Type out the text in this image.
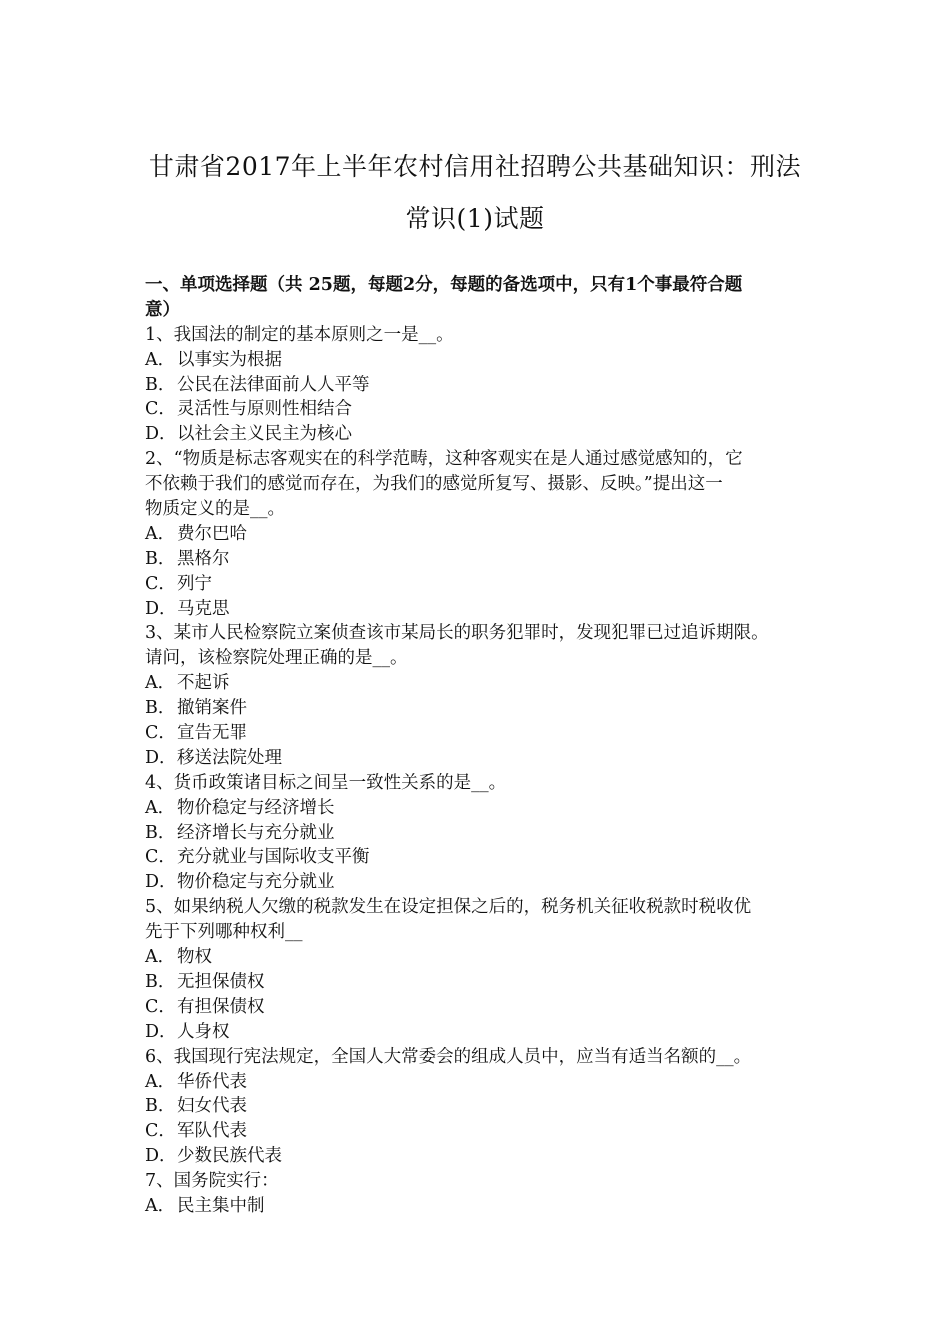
甘肃省2017年上半年农村信用社招聘公共基础知识：刑法
常识(1)试题
一、单项选择题（共 25题，每题2分，每题的备选项中，只有1个事最符合题
意）
1、我国法的制定的基本原则之一是__。
A． 以事实为根据
B．公民在法律面前人人平等
C．灵活性与原则性相结合
D．以社会主义民主为核心
2、“物质是标志客观实在的科学范畴，这种客观实在是人通过感觉感知的，它
不依赖于我们的感觉而存在，为我们的感觉所复写、摄影、反映。”提出这一
物质定义的是__。
A． 费尔巴哈
B．黑格尔
C．列宁
D．马克思
3、某市人民检察院立案侦查该市某局长的职务犯罪时，发现犯罪已过追诉期限。
请问，该检察院处理正确的是__。
A． 不起诉
B．撤销案件
C．宣告无罪
D．移送法院处理
4、货币政策诸目标之间呈一致性关系的是__。
A． 物价稳定与经济增长
B．经济增长与充分就业
C．充分就业与国际收支平衡
D．物价稳定与充分就业
5、如果纳税人欠缴的税款发生在设定担保之后的，税务机关征收税款时税收优
先于下列哪种权利__
A． 物权
B．无担保债权
C．有担保债权
D．人身权
6、我国现行宪法规定，全国人大常委会的组成人员中，应当有适当名额的__。
A． 华侨代表
B．妇女代表
C．军队代表
D．少数民族代表
7、国务院实行：
A． 民主集中制
